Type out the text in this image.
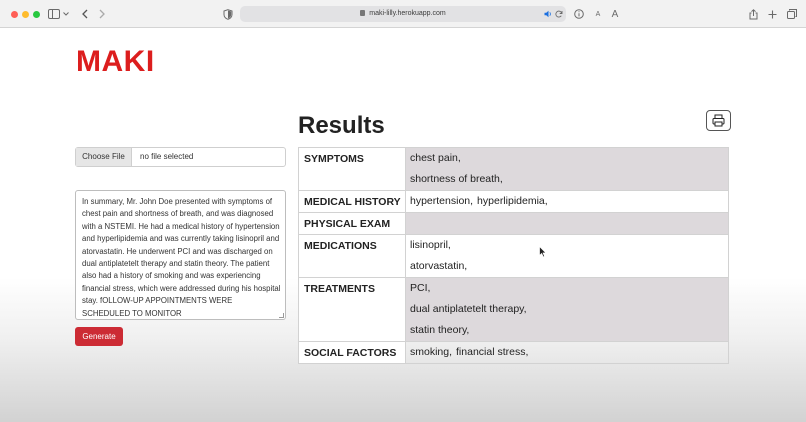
maki-lilly.herokuapp.com	A A
MAKI
Results
Choose File	no file selected
In summary, Mr. John Doe presented with symptoms of chest pain and shortness of breath, and was diagnosed with a NSTEMI. He had a medical history of hypertension and hyperlipidemia and was currently taking lisinopril and atorvastatin. He underwent PCI and was discharged on dual antiplatetelt therapy and statin theory. The patient also had a history of smoking and was experiencing financial stress, which were addressed during his hospital stay. fOLLOW-UP APPOINTMENTS WERE SCHEDULED TO MONITOR
Generate
SYMPTOMS	chest pain,
shortness of breath,

MEDICAL HISTORY	hypertension, hyperlipidemia,

PHYSICAL EXAM	

MEDICATIONS	lisinopril,
atorvastatin,

TREATMENTS	PCI,
dual antiplatetelt therapy,
statin theory,

SOCIAL FACTORS	smoking, financial stress,
